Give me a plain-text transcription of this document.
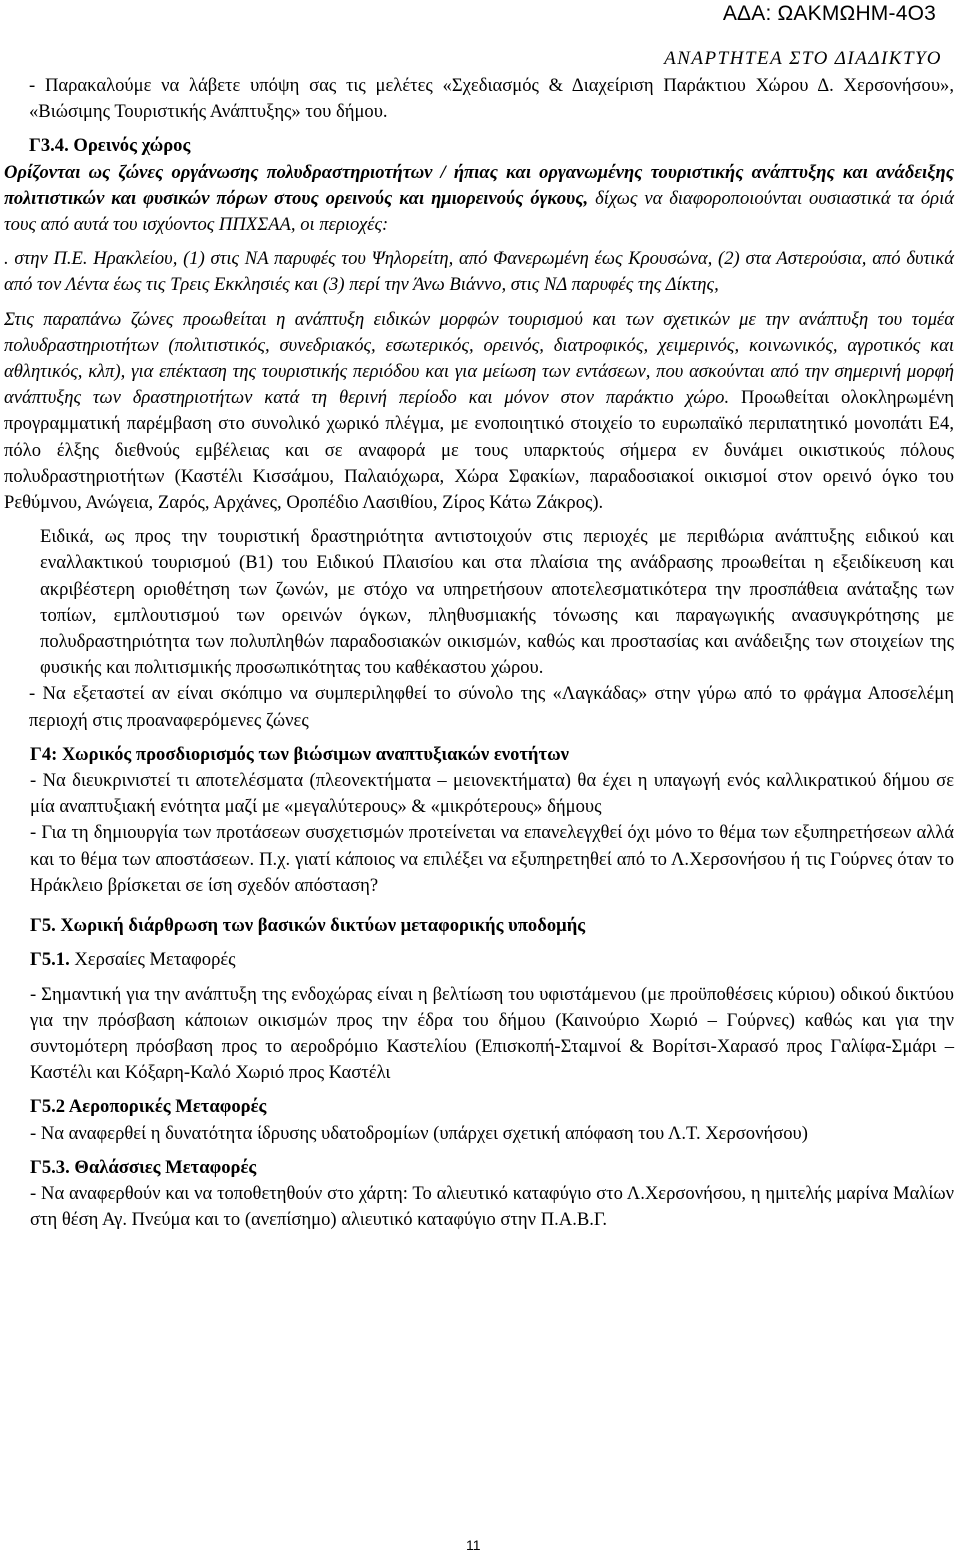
ΑΔΑ: ΩΑΚΜΩΗΜ-4Ο3
ΑΝΑΡΤΗΤΕΑ ΣΤΟ ΔΙΑΔΙΚΤΥΟ

- Παρακαλούμε να λάβετε υπόψη σας τις μελέτες «Σχεδιασμός & Διαχείριση Παράκτιου Χώρου Δ. Χερσονήσου», «Βιώσιμης Τουριστικής Ανάπτυξης» του δήμου.

Γ3.4. Ορεινός χώρος

Ορίζονται ως ζώνες οργάνωσης πολυδραστηριοτήτων / ήπιας και οργανωμένης τουριστικής ανάπτυξης και ανάδειξης πολιτιστικών και φυσικών πόρων στους ορεινούς και ημιορεινούς όγκους, δίχως να διαφοροποιούνται ουσιαστικά τα όριά τους από αυτά του ισχύοντος ΠΠΧΣΑΑ, οι περιοχές:

. στην Π.Ε. Ηρακλείου, (1) στις ΝΑ παρυφές του Ψηλορείτη, από Φανερωμένη έως Κρουσώνα, (2) στα Αστερούσια, από δυτικά από τον Λέντα έως τις Τρεις Εκκλησιές και (3) περί την Άνω Βιάννο, στις ΝΔ παρυφές της Δίκτης,

Στις παραπάνω ζώνες προωθείται η ανάπτυξη ειδικών μορφών τουρισμού και των σχετικών με την ανάπτυξη του τομέα πολυδραστηριοτήτων (πολιτιστικός, συνεδριακός, εσωτερικός, ορεινός, διατροφικός, χειμερινός, κοινωνικός, αγροτικός και αθλητικός, κλπ), για επέκταση της τουριστικής περιόδου και για μείωση των εντάσεων, που ασκούνται από την σημερινή μορφή ανάπτυξης των δραστηριοτήτων κατά τη θερινή περίοδο και μόνον στον παράκτιο χώρο. Προωθείται ολοκληρωμένη προγραμματική παρέμβαση στο συνολικό χωρικό πλέγμα, με ενοποιητικό στοιχείο το ευρωπαϊκό περιπατητικό μονοπάτι Ε4, πόλο έλξης διεθνούς εμβέλειας και σε αναφορά με τους υπαρκτούς σήμερα εν δυνάμει οικιστικούς πόλους πολυδραστηριοτήτων (Καστέλι Κισσάμου, Παλαιόχωρα, Χώρα Σφακίων, παραδοσιακοί οικισμοί στον ορεινό όγκο του Ρεθύμνου, Ανώγεια, Ζαρός, Αρχάνες, Οροπέδιο Λασιθίου, Ζίρος Κάτω Ζάκρος).

Ειδικά, ως προς την τουριστική δραστηριότητα αντιστοιχούν στις περιοχές με περιθώρια ανάπτυξης ειδικού και εναλλακτικού τουρισμού (Β1) του Ειδικού Πλαισίου και στα πλαίσια της ανάδρασης προωθείται η εξειδίκευση και ακριβέστερη οριοθέτηση των ζωνών, με στόχο να υπηρετήσουν αποτελεσματικότερα την προσπάθεια ανάταξης των τοπίων, εμπλουτισμού των ορεινών όγκων, πληθυσμιακής τόνωσης και παραγωγικής ανασυγκρότησης με πολυδραστηριότητα των πολυπληθών παραδοσιακών οικισμών, καθώς και προστασίας και ανάδειξης των στοιχείων της φυσικής και πολιτισμικής προσωπικότητας του καθέκαστου χώρου.

- Να εξεταστεί αν είναι σκόπιμο να συμπεριληφθεί το σύνολο της «Λαγκάδας» στην γύρω από το φράγμα Αποσελέμη περιοχή στις προαναφερόμενες ζώνες

Γ4: Χωρικός προσδιορισμός των βιώσιμων αναπτυξιακών ενοτήτων

- Να διευκρινιστεί τι αποτελέσματα (πλεονεκτήματα – μειονεκτήματα) θα έχει η υπαγωγή ενός καλλικρατικού δήμου σε μία αναπτυξιακή ενότητα μαζί με «μεγαλύτερους» & «μικρότερους» δήμους

- Για τη δημιουργία των προτάσεων συσχετισμών προτείνεται να επανελεγχθεί όχι μόνο το θέμα των εξυπηρετήσεων αλλά και το θέμα των αποστάσεων. Π.χ. γιατί κάποιος να επιλέξει να εξυπηρετηθεί από το Λ.Χερσονήσου ή τις Γούρνες όταν το Ηράκλειο βρίσκεται σε ίση σχεδόν απόσταση?

Γ5. Χωρική διάρθρωση των βασικών δικτύων μεταφορικής υποδομής

Γ5.1. Χερσαίες Μεταφορές

- Σημαντική για την ανάπτυξη της ενδοχώρας είναι η βελτίωση του υφιστάμενου (με προϋποθέσεις κύριου) οδικού δικτύου για την πρόσβαση κάποιων οικισμών προς την έδρα του δήμου (Καινούριο Χωριό – Γούρνες) καθώς και για την συντομότερη πρόσβαση προς το αεροδρόμιο Καστελίου (Επισκοπή-Σταμνοί & Βορίτσι-Χαρασό προς Γαλίφα-Σμάρι –Καστέλι και Κόξαρη-Καλό Χωριό προς Καστέλι

Γ5.2 Αεροπορικές Μεταφορές

- Να αναφερθεί η δυνατότητα ίδρυσης υδατοδρομίων (υπάρχει σχετική απόφαση του Λ.Τ. Χερσονήσου)

Γ5.3. Θαλάσσιες Μεταφορές

- Να αναφερθούν και να τοποθετηθούν στο χάρτη: Το αλιευτικό καταφύγιο στο Λ.Χερσονήσου, η ημιτελής μαρίνα Μαλίων στη θέση Αγ. Πνεύμα και το (ανεπίσημο) αλιευτικό καταφύγιο στην Π.Α.Β.Γ.

11
